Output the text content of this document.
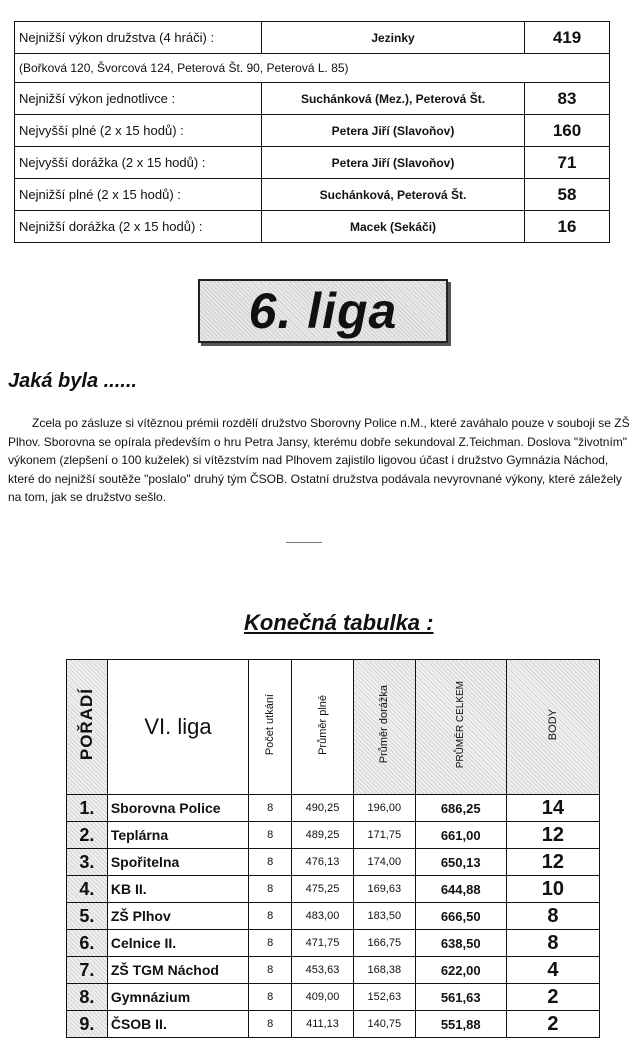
Nejnižší výkon družstva (4 hráči) :	Jezinky	419
(Bořková 120, Švorcová 124, Peterová Št. 90, Peterová L. 85)		
Nejnižší výkon jednotlivce :	Suchánková (Mez.), Peterová Št.	83
Nejvyšší plné (2 x 15 hodů) :	Petera Jiří (Slavoňov)	160
Nejvyšší dorážka (2 x 15 hodů) :	Petera Jiří (Slavoňov)	71
Nejnižší plné (2 x 15 hodů) :	Suchánková, Peterová Št.	58
Nejnižší dorážka (2 x 15 hodů) :	Macek (Sekáči)	16
6. liga
Jaká byla ......

Zcela po zásluze si vítěznou prémii rozdělí družstvo Sborovny Police n.M., které zaváhalo pouze v souboji se ZŠ Plhov. Sborovna se opírala především o hru Petra Jansy, kterému dobře sekundoval Z.Teichman. Doslova "životním" výkonem (zlepšení o 100 kuželek) si vítězstvím nad Plhovem zajistilo ligovou účast i družstvo Gymnázia Náchod, které do nejnižší soutěže "poslalo" druhý tým ČSOB. Ostatní družstva podávala nevyrovnané výkony, které záležely na tom, jak se družstvo sešlo.

Konečná tabulka :
POŘADÍ	VI. liga	Počet utkání	Průměr plné	Průměr dorážka	PRŮMĚR CELKEM	BODY
1.	Sborovna Police	8	490,25	196,00	686,25	14
2.	Teplárna	8	489,25	171,75	661,00	12
3.	Spořitelna	8	476,13	174,00	650,13	12
4.	KB II.	8	475,25	169,63	644,88	10
5.	ZŠ Plhov	8	483,00	183,50	666,50	8
6.	Celnice II.	8	471,75	166,75	638,50	8
7.	ZŠ TGM Náchod	8	453,63	168,38	622,00	4
8.	Gymnázium	8	409,00	152,63	561,63	2
9.	ČSOB II.	8	411,13	140,75	551,88	2
